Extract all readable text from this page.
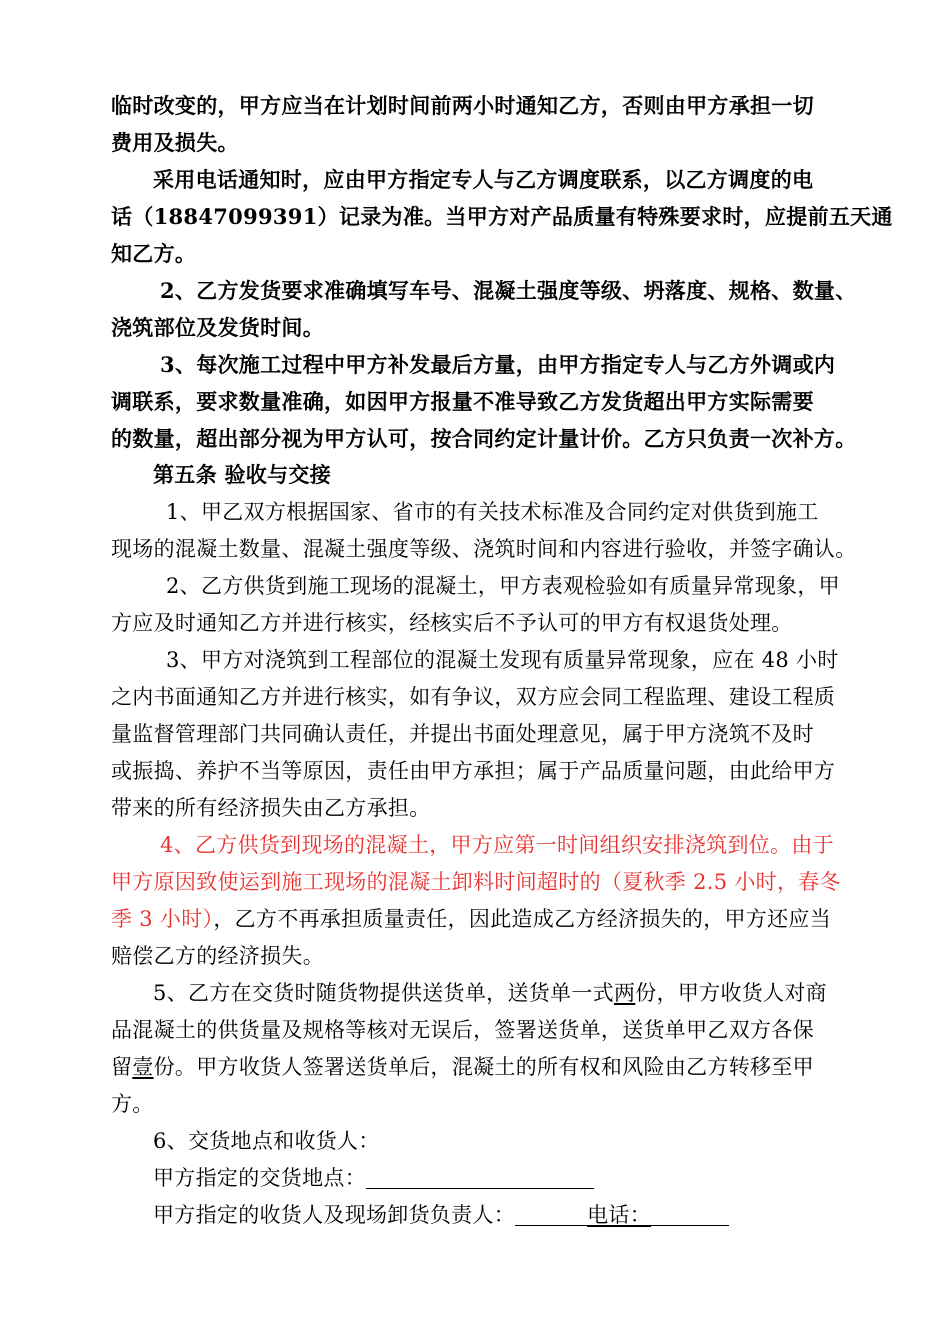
临时改变的，甲方应当在计划时间前两小时通知乙方，否则由甲方承担一切
费用及损失。
采用电话通知时，应由甲方指定专人与乙方调度联系，以乙方调度的电
话（18847099391）记录为准。当甲方对产品质量有特殊要求时，应提前五天通
知乙方。
2、乙方发货要求准确填写车号、混凝土强度等级、坍落度、规格、数量、
浇筑部位及发货时间。
3、每次施工过程中甲方补发最后方量，由甲方指定专人与乙方外调或内
调联系，要求数量准确，如因甲方报量不准导致乙方发货超出甲方实际需要
的数量，超出部分视为甲方认可，按合同约定计量计价。乙方只负责一次补方。
第五条 验收与交接
1、甲乙双方根据国家、省市的有关技术标准及合同约定对供货到施工
现场的混凝土数量、混凝土强度等级、浇筑时间和内容进行验收，并签字确认。
2、乙方供货到施工现场的混凝土，甲方表观检验如有质量异常现象，甲
方应及时通知乙方并进行核实，经核实后不予认可的甲方有权退货处理。
3、甲方对浇筑到工程部位的混凝土发现有质量异常现象，应在 48 小时
之内书面通知乙方并进行核实，如有争议，双方应会同工程监理、建设工程质
量监督管理部门共同确认责任，并提出书面处理意见，属于甲方浇筑不及时
或振捣、养护不当等原因，责任由甲方承担；属于产品质量问题，由此给甲方
带来的所有经济损失由乙方承担。
4、乙方供货到现场的混凝土，甲方应第一时间组织安排浇筑到位。由于
甲方原因致使运到施工现场的混凝土卸料时间超时的（夏秋季 2.5 小时，春冬
季 3 小时），乙方不再承担质量责任，因此造成乙方经济损失的，甲方还应当
赔偿乙方的经济损失。
5、乙方在交货时随货物提供送货单，送货单一式两份，甲方收货人对商
品混凝土的供货量及规格等核对无误后，签署送货单，送货单甲乙双方各保
留壹份。甲方收货人签署送货单后，混凝土的所有权和风险由乙方转移至甲
方。
6、交货地点和收货人：
甲方指定的交货地点：
甲方指定的收货人及现场卸货负责人：	电话：
